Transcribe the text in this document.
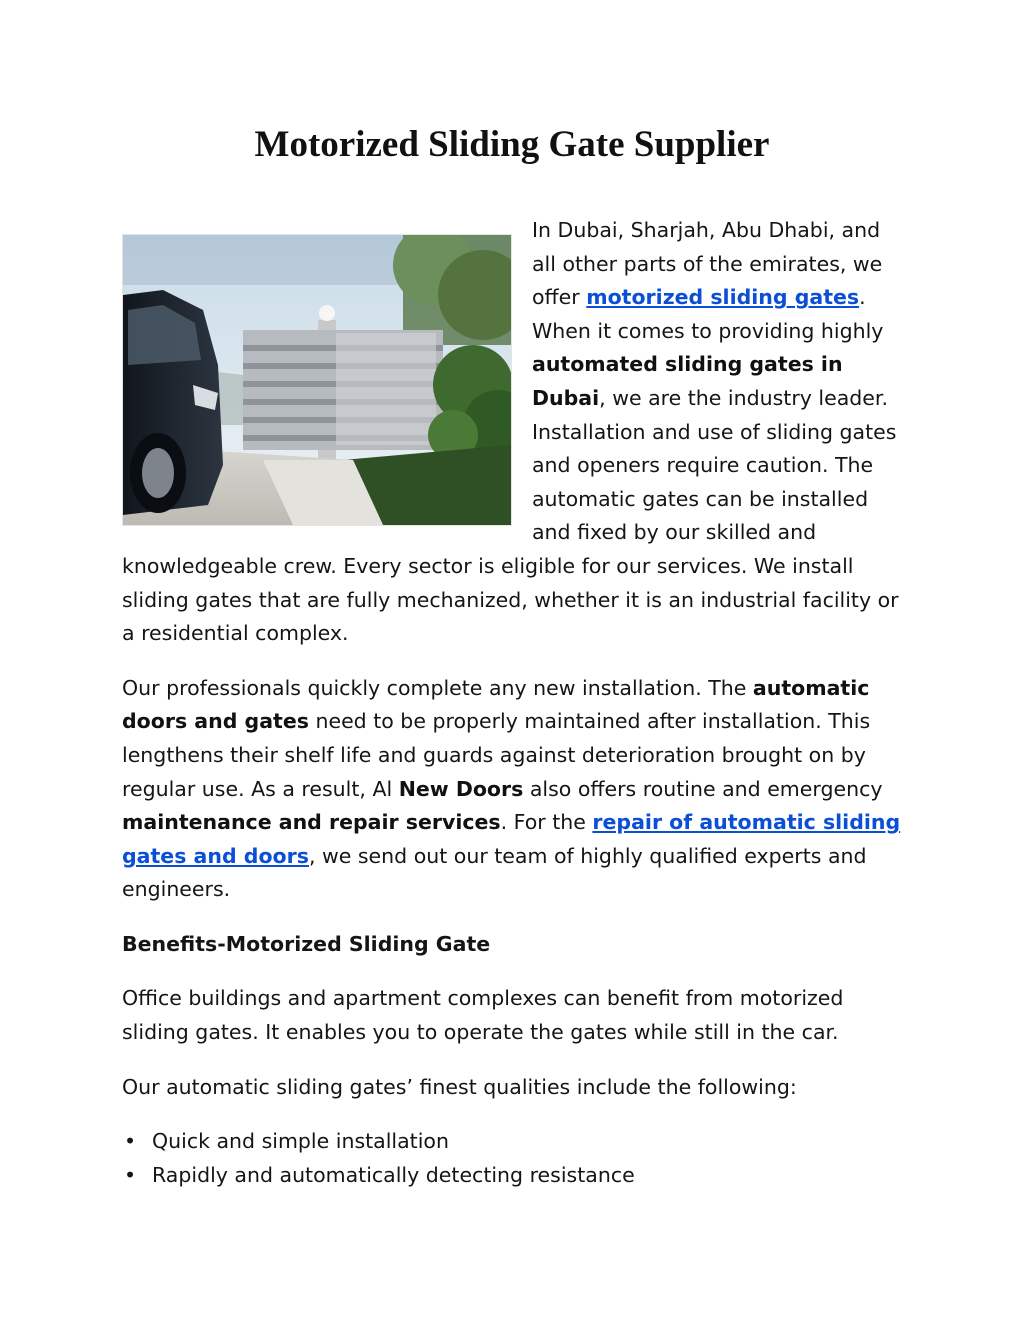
Motorized Sliding Gate Supplier

In Dubai, Sharjah, Abu Dhabi, and all other parts of the emirates, we offer motorized sliding gates. When it comes to providing highly automated sliding gates in Dubai, we are the industry leader. Installation and use of sliding gates and openers require caution. The automatic gates can be installed and fixed by our skilled and knowledgeable crew. Every sector is eligible for our services. We install sliding gates that are fully mechanized, whether it is an industrial facility or a residential complex.

Our professionals quickly complete any new installation. The automatic doors and gates need to be properly maintained after installation. This lengthens their shelf life and guards against deterioration brought on by regular use. As a result, Al New Doors also offers routine and emergency maintenance and repair services. For the repair of automatic sliding gates and doors, we send out our team of highly qualified experts and engineers.

Benefits-Motorized Sliding Gate

Office buildings and apartment complexes can benefit from motorized sliding gates. It enables you to operate the gates while still in the car.

Our automatic sliding gates’ finest qualities include the following:

• Quick and simple installation
• Rapidly and automatically detecting resistance
